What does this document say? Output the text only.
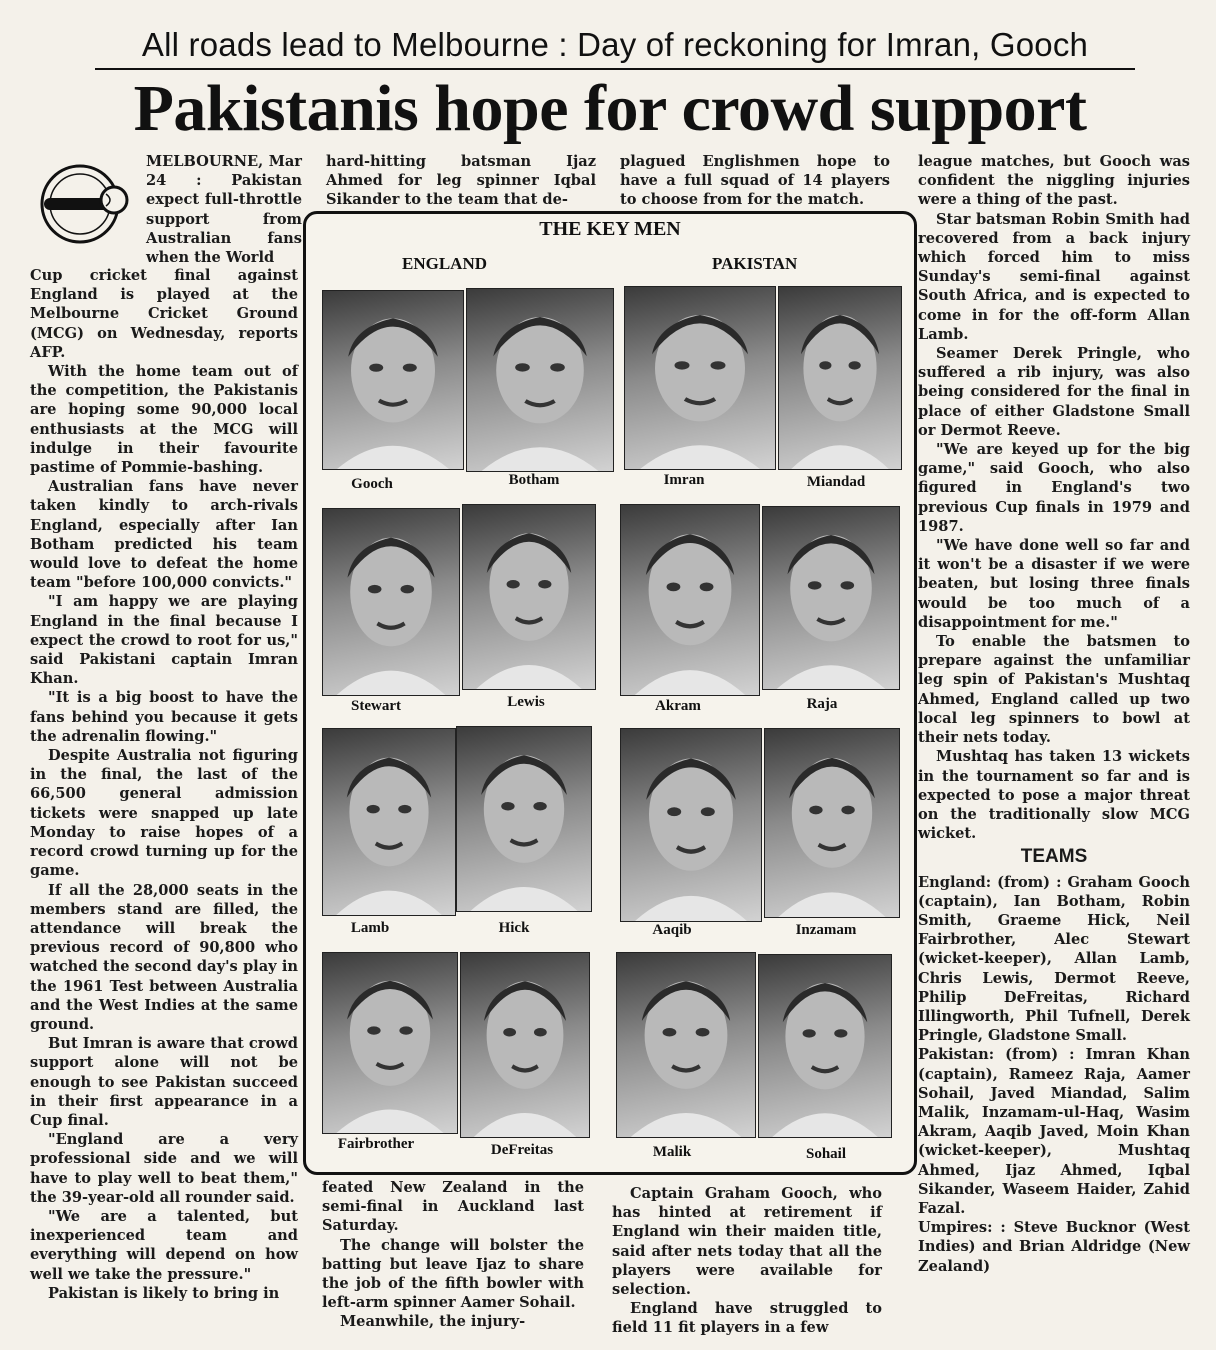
All roads lead to Melbourne : Day of reckoning for Imran, Gooch
Pakistanis hope for crowd support

MELBOURNE, Mar 24 : Pakistan expect full-throttle support from Australian fans when the World

Cup cricket final against England is played at the Melbourne Cricket Ground (MCG) on Wednesday, reports AFP.

With the home team out of the competition, the Pakistanis are hoping some 90,000 local enthusiasts at the MCG will indulge in their favourite pastime of Pommie-bashing.

Australian fans have never taken kindly to arch-rivals England, especially after Ian Botham predicted his team would love to defeat the home team "before 100,000 convicts."

"I am happy we are playing England in the final because I expect the crowd to root for us," said Pakistani captain Imran Khan.

"It is a big boost to have the fans behind you because it gets the adrenalin flowing."

Despite Australia not figuring in the final, the last of the 66,500 general admission tickets were snapped up late Monday to raise hopes of a record crowd turning up for the game.

If all the 28,000 seats in the members stand are filled, the attendance will break the previous record of 90,800 who watched the second day's play in the 1961 Test between Australia and the West Indies at the same ground.

But Imran is aware that crowd support alone will not be enough to see Pakistan succeed in their first appearance in a Cup final.

"England are a very professional side and we will have to play well to beat them," the 39-year-old all rounder said.

"We are a talented, but inexperienced team and everything will depend on how well we take the pressure."

Pakistan is likely to bring in

hard-hitting batsman Ijaz Ahmed for leg spinner Iqbal Sikander to the team that de-

plagued Englishmen hope to have a full squad of 14 players to choose from for the match.

feated New Zealand in the semi-final in Auckland last Saturday.

The change will bolster the batting but leave Ijaz to share the job of the fifth bowler with left-arm spinner Aamer Sohail.

Meanwhile, the injury-

Captain Graham Gooch, who has hinted at retirement if England win their maiden title, said after nets today that all the players were available for selection.

England have struggled to field 11 fit players in a few

league matches, but Gooch was confident the niggling injuries were a thing of the past.

Star batsman Robin Smith had recovered from a back injury which forced him to miss Sunday's semi-final against South Africa, and is expected to come in for the off-form Allan Lamb.

Seamer Derek Pringle, who suffered a rib injury, was also being considered for the final in place of either Gladstone Small or Dermot Reeve.

"We are keyed up for the big game," said Gooch, who also figured in England's two previous Cup finals in 1979 and 1987.

"We have done well so far and it won't be a disaster if we were beaten, but losing three finals would be too much of a disappointment for me."

To enable the batsmen to prepare against the unfamiliar leg spin of Pakistan's Mushtaq Ahmed, England called up two local leg spinners to bowl at their nets today.

Mushtaq has taken 13 wickets in the tournament so far and is expected to pose a major threat on the traditionally slow MCG wicket.

TEAMS

England: (from) : Graham Gooch (captain), Ian Botham, Robin Smith, Graeme Hick, Neil Fairbrother, Alec Stewart (wicket-keeper), Allan Lamb, Chris Lewis, Dermot Reeve, Philip DeFreitas, Richard Illingworth, Phil Tufnell, Derek Pringle, Gladstone Small.

Pakistan: (from) : Imran Khan (captain), Rameez Raja, Aamer Sohail, Javed Miandad, Salim Malik, Inzamam-ul-Haq, Wasim Akram, Aaqib Javed, Moin Khan (wicket-keeper), Mushtaq Ahmed, Ijaz Ahmed, Iqbal Sikander, Waseem Haider, Zahid Fazal.

Umpires: : Steve Bucknor (West Indies) and Brian Aldridge (New Zealand)

THE KEY MEN
ENGLAND	PAKISTAN
Gooch	Botham	Imran	Miandad
Stewart	Lewis	Akram	Raja
Lamb	Hick	Aaqib	Inzamam
Fairbrother	DeFreitas	Malik	Sohail
